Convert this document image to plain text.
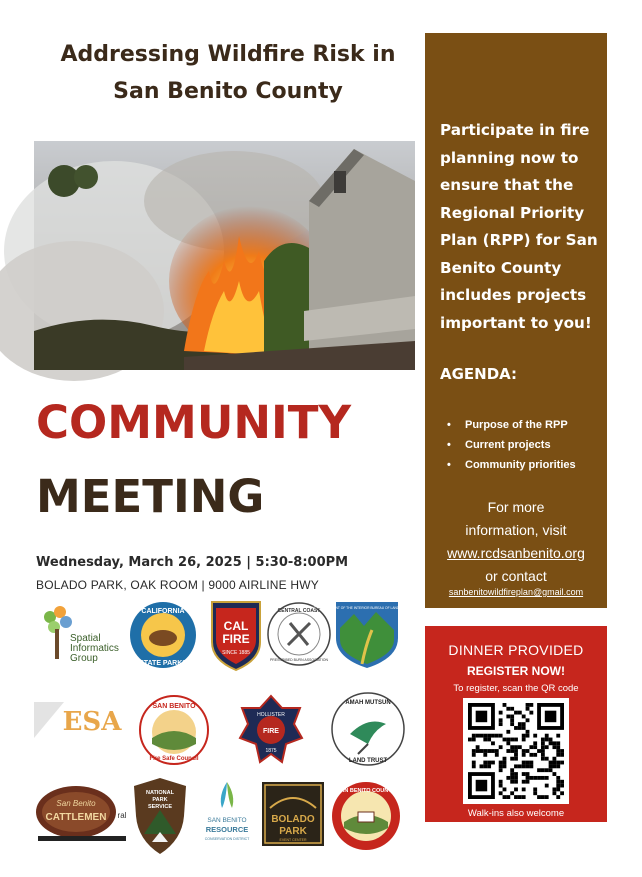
Addressing Wildfire Risk in
San Benito County
COMMUNITY
MEETING
Wednesday, March 26, 2025 | 5:30-8:00PM
BOLADO PARK, OAK ROOM | 9000 AIRLINE HWY
Participate in fire planning now to ensure that the Regional Priority Plan (RPP) for San Benito County includes projects important to you!
AGENDA:
• Purpose of the RPP
• Current projects
• Community priorities
For more
information, visit
www.rcdsanbenito.org
or contact
sanbenitowildfireplan@gmail.com
DINNER PROVIDED
REGISTER NOW!
To register, scan the QR code
Walk-ins also welcome
Spatial
Informatics
Group
CALIFORNIA
STATE PARKS
CAL
FIRE
SINCE 1885
CENTRAL COAST
PRESCRIBED BURN ASSOCIATION
U.S. DEPARTMENT OF THE INTERIOR BUREAU OF LAND MANAGEMENT
ESA
SAN BENITO
Fire Safe Council
HOLLISTER
FIRE
1875
AMAH MUTSUN
LAND TRUST
San Benito
CATTLEMEN ral
NATIONAL
PARK
SERVICE
SAN BENITO
RESOURCE
CONSERVATION DISTRICT
BOLADO
PARK
EVENT CENTER
SAN BENITO COUNTY
